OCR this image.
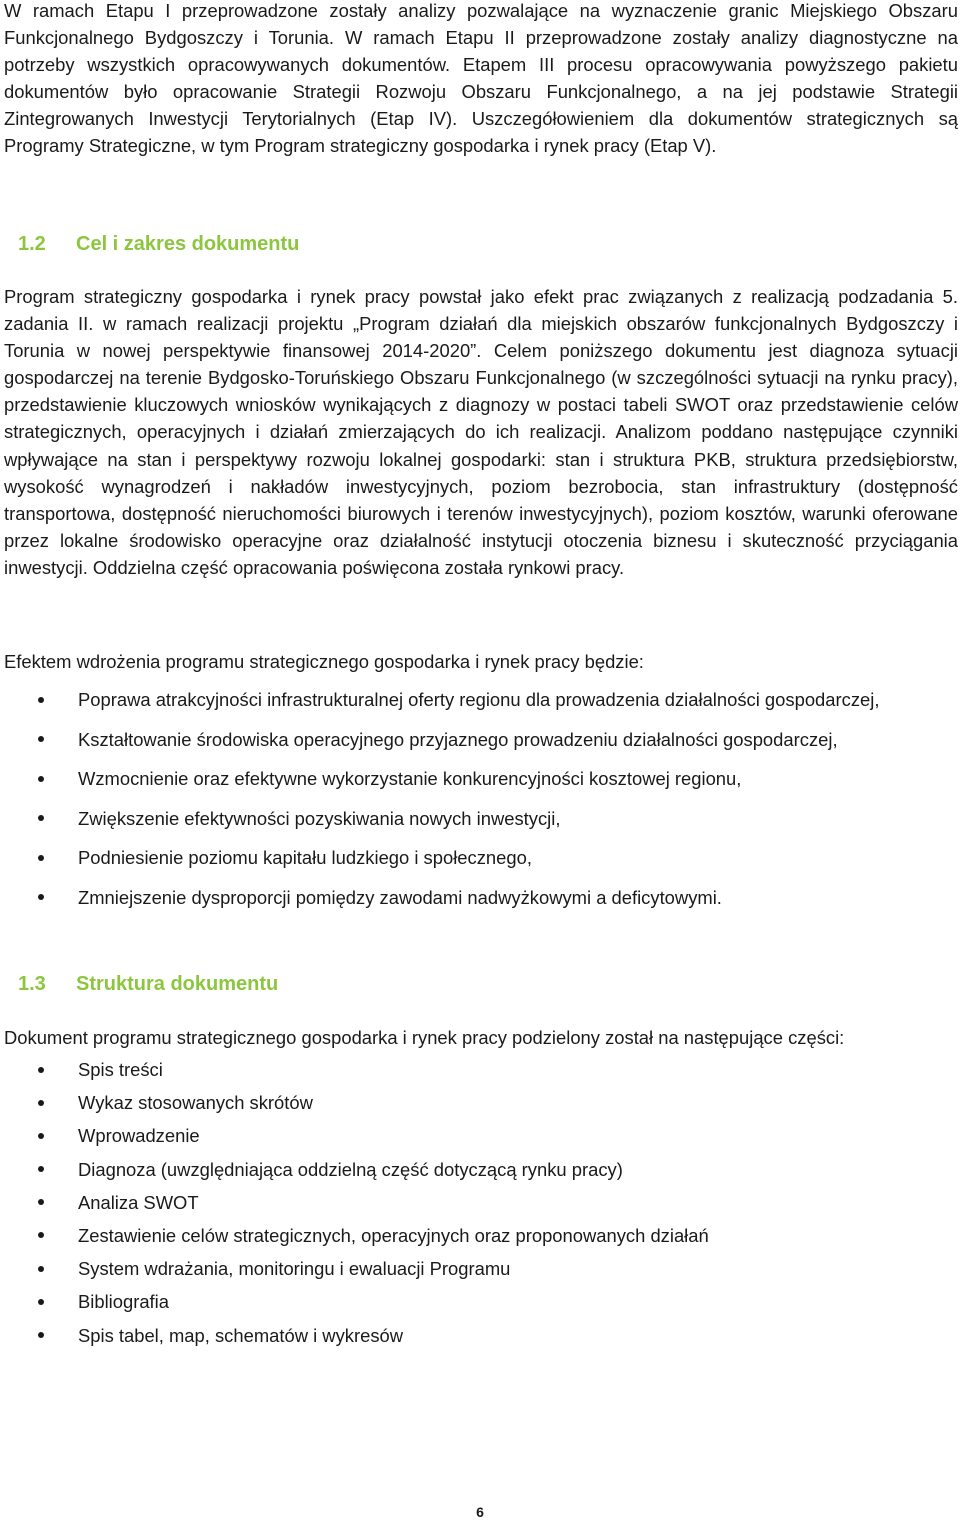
W ramach Etapu I przeprowadzone zostały analizy pozwalające na wyznaczenie granic Miejskiego Obszaru Funkcjonalnego Bydgoszczy i Torunia. W ramach Etapu II przeprowadzone zostały analizy diagnostyczne na potrzeby wszystkich opracowywanych dokumentów. Etapem III procesu opracowywania powyższego pakietu dokumentów było opracowanie Strategii Rozwoju Obszaru Funkcjonalnego, a na jej podstawie Strategii Zintegrowanych Inwestycji Terytorialnych (Etap IV). Uszczegółowieniem dla dokumentów strategicznych są Programy Strategiczne, w tym Program strategiczny gospodarka i rynek pracy (Etap V).

1.2 Cel i zakres dokumentu

Program strategiczny gospodarka i rynek pracy powstał jako efekt prac związanych z realizacją podzadania 5. zadania II. w ramach realizacji projektu „Program działań dla miejskich obszarów funkcjonalnych Bydgoszczy i Torunia w nowej perspektywie finansowej 2014-2020”. Celem poniższego dokumentu jest diagnoza sytuacji gospodarczej na terenie Bydgosko-Toruńskiego Obszaru Funkcjonalnego (w szczególności sytuacji na rynku pracy), przedstawienie kluczowych wniosków wynikających z diagnozy w postaci tabeli SWOT oraz przedstawienie celów strategicznych, operacyjnych i działań zmierzających do ich realizacji. Analizom poddano następujące czynniki wpływające na stan i perspektywy rozwoju lokalnej gospodarki: stan i struktura PKB, struktura przedsiębiorstw, wysokość wynagrodzeń i nakładów inwestycyjnych, poziom bezrobocia, stan infrastruktury (dostępność transportowa, dostępność nieruchomości biurowych i terenów inwestycyjnych), poziom kosztów, warunki oferowane przez lokalne środowisko operacyjne oraz działalność instytucji otoczenia biznesu i skuteczność przyciągania inwestycji. Oddzielna część opracowania poświęcona została rynkowi pracy.

Efektem wdrożenia programu strategicznego gospodarka i rynek pracy będzie:

Poprawa atrakcyjności infrastrukturalnej oferty regionu dla prowadzenia działalności gospodarczej,
Kształtowanie środowiska operacyjnego przyjaznego prowadzeniu działalności gospodarczej,
Wzmocnienie oraz efektywne wykorzystanie konkurencyjności kosztowej regionu,
Zwiększenie efektywności pozyskiwania nowych inwestycji,
Podniesienie poziomu kapitału ludzkiego i społecznego,
Zmniejszenie dysproporcji pomiędzy zawodami nadwyżkowymi a deficytowymi.
1.3 Struktura dokumentu

Dokument programu strategicznego gospodarka i rynek pracy podzielony został na następujące części:

Spis treści
Wykaz stosowanych skrótów
Wprowadzenie
Diagnoza (uwzględniająca oddzielną część dotyczącą rynku pracy)
Analiza SWOT
Zestawienie celów strategicznych, operacyjnych oraz proponowanych działań
System wdrażania, monitoringu i ewaluacji Programu
Bibliografia
Spis tabel, map, schematów i wykresów
6
